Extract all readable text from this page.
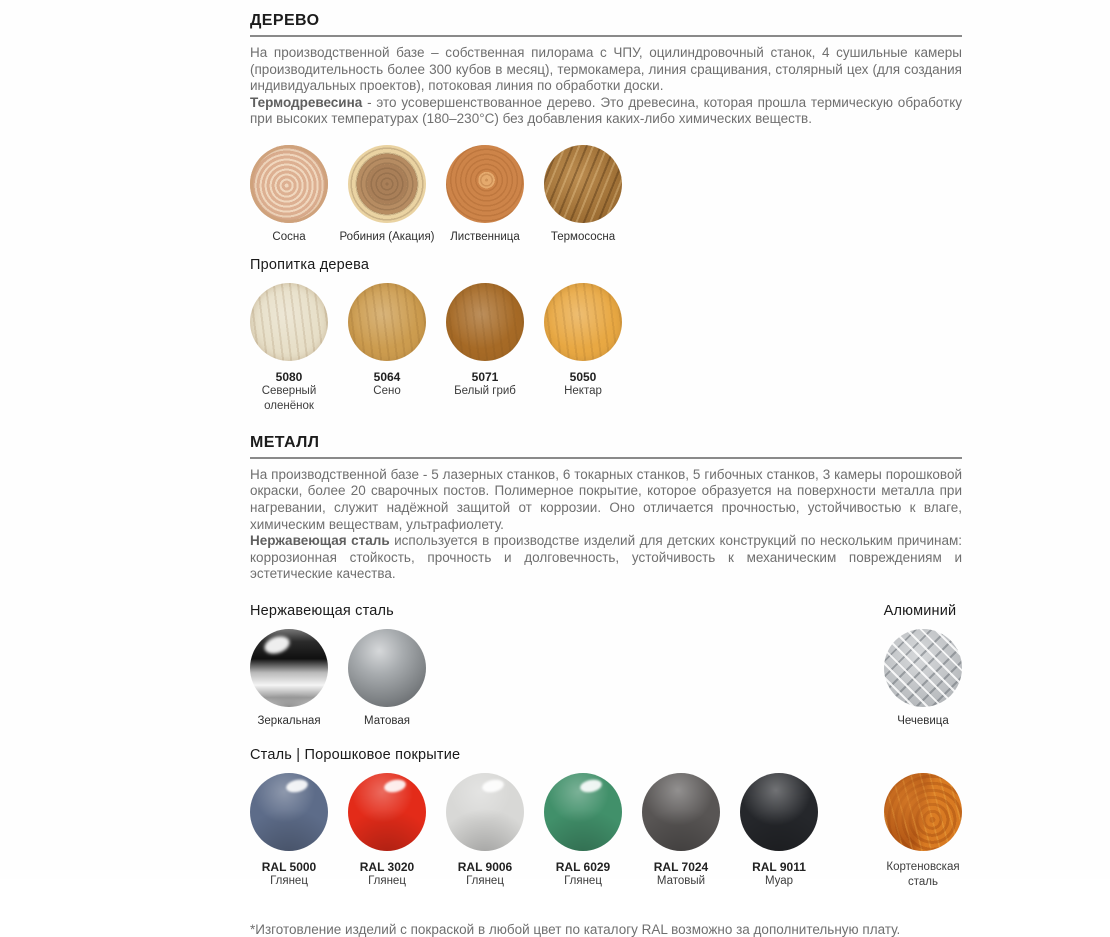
ДЕРЕВО

На производственной базе – собственная пилорама с ЧПУ, оцилиндровочный станок, 4 сушильные камеры (производительность более 300 кубов в месяц), термокамера, линия сращивания, столярный цех (для создания индивидуальных проектов), потоковая линия по обработки доски.

Термодревесина - это усовершенствованное дерево. Это древесина, которая прошла термическую обработку при высоких температурах (180–230°С) без добавления каких-либо химических веществ.

Сосна	Робиния (Акация)	Лиственница	Термососна
Пропитка дерева
5080
Северный оленёнок
5064
Сено
5071
Белый гриб
5050
Нектар
МЕТАЛЛ

На производственной базе - 5 лазерных станков, 6 токарных станков, 5 гибочных станков, 3 камеры порошковой окраски, более 20 сварочных постов. Полимерное покрытие, которое образуется на поверхности металла при нагревании, служит надёжной защитой от коррозии. Оно отличается прочностью, устойчивостью к влаге, химическим веществам, ультрафиолету.

Нержавеющая сталь используется в производстве изделий для детских конструкций по нескольким причинам: коррозионная стойкость, прочность и долговечность, устойчивость к механическим повреждениям и эстетические качества.

Нержавеющая сталь
Зеркальная	Матовая
Алюминий
Чечевица
Сталь | Порошковое покрытие
RAL 5000
Глянец
RAL 3020
Глянец
RAL 9006
Глянец
RAL 6029
Глянец
RAL 7024
Матовый
RAL 9011
Муар
Кортеновская сталь
*Изготовление изделий с покраской в любой цвет по каталогу RAL возможно за дополнительную плату.
